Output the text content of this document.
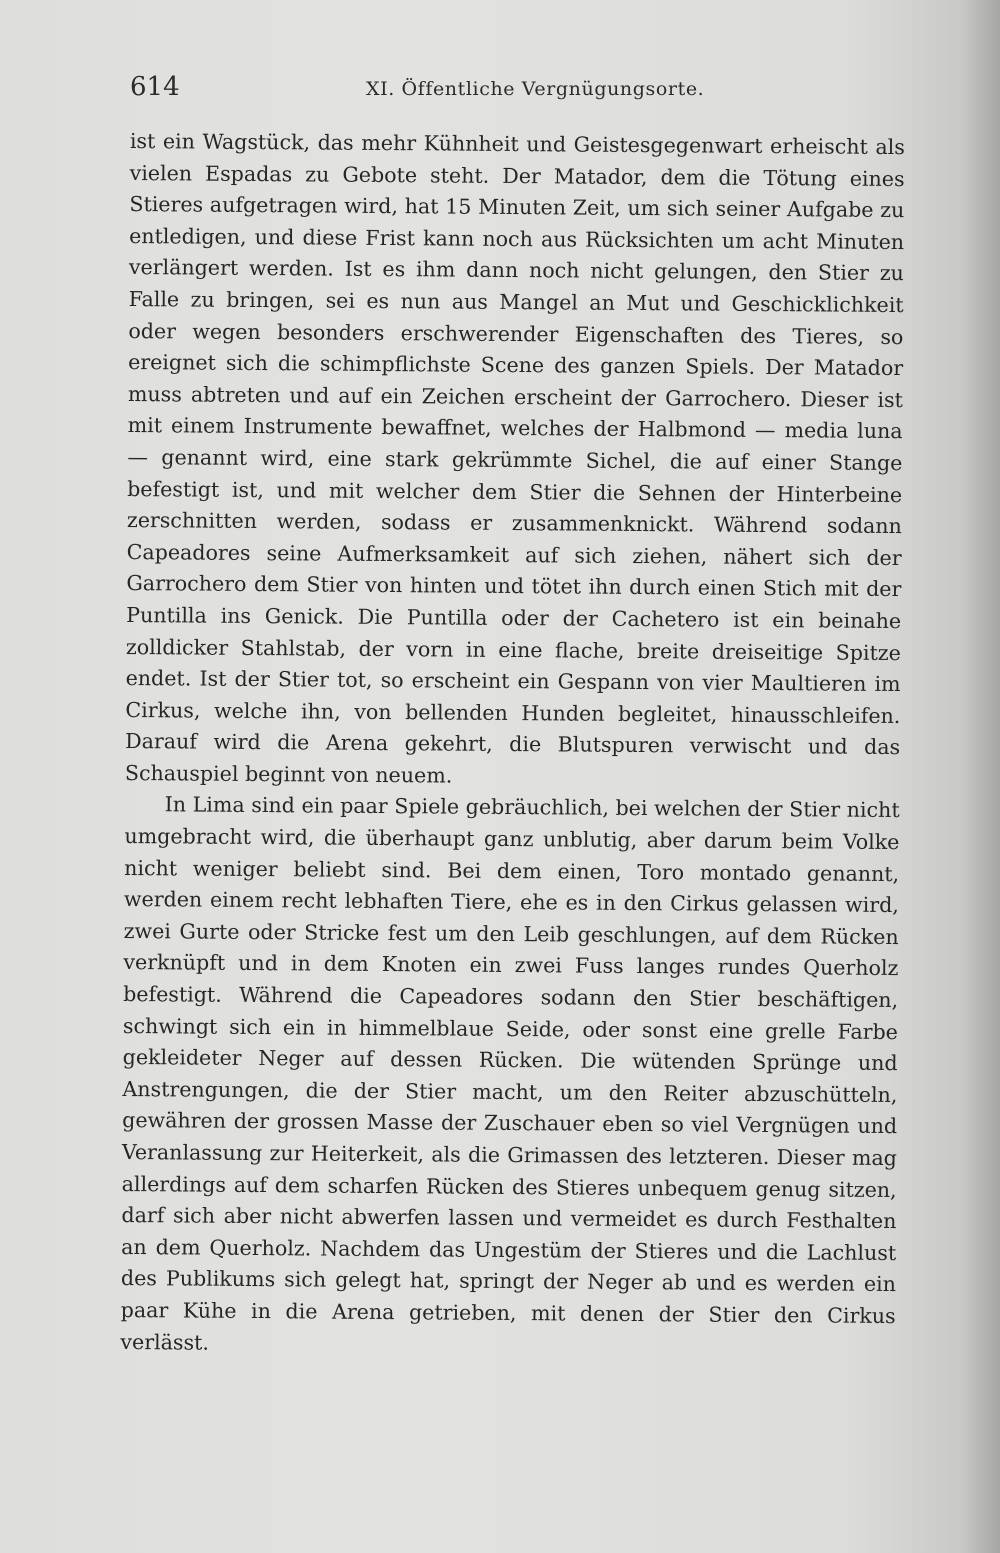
614	XI. Öffentliche Vergnügungsorte.

ist ein Wagstück, das mehr Kühnheit und Geistesgegenwart erheischt als vielen Espadas zu Gebote steht. Der Matador, dem die Tötung eines Stieres aufgetragen wird, hat 15 Minuten Zeit, um sich seiner Aufgabe zu entledigen, und diese Frist kann noch aus Rücksichten um acht Minuten verlängert werden. Ist es ihm dann noch nicht gelungen, den Stier zu Falle zu bringen, sei es nun aus Mangel an Mut und Geschicklichkeit oder wegen besonders erschwerender Eigenschaften des Tieres, so ereignet sich die schimpflichste Scene des ganzen Spiels. Der Matador muss abtreten und auf ein Zeichen erscheint der Garrochero. Dieser ist mit einem Instrumente bewaffnet, welches der Halbmond — media luna — genannt wird, eine stark gekrümmte Sichel, die auf einer Stange befestigt ist, und mit welcher dem Stier die Sehnen der Hinterbeine zerschnitten werden, sodass er zusammenknickt. Während sodann Capeadores seine Aufmerksamkeit auf sich ziehen, nähert sich der Garrochero dem Stier von hinten und tötet ihn durch einen Stich mit der Puntilla ins Genick. Die Puntilla oder der Cachetero ist ein beinahe zolldicker Stahlstab, der vorn in eine flache, breite dreiseitige Spitze endet. Ist der Stier tot, so erscheint ein Gespann von vier Maultieren im Cirkus, welche ihn, von bellenden Hunden begleitet, hinausschleifen. Darauf wird die Arena gekehrt, die Blutspuren verwischt und das Schauspiel beginnt von neuem.

In Lima sind ein paar Spiele gebräuchlich, bei welchen der Stier nicht umgebracht wird, die überhaupt ganz unblutig, aber darum beim Volke nicht weniger beliebt sind. Bei dem einen, Toro montado genannt, werden einem recht lebhaften Tiere, ehe es in den Cirkus gelassen wird, zwei Gurte oder Stricke fest um den Leib geschlungen, auf dem Rücken verknüpft und in dem Knoten ein zwei Fuss langes rundes Querholz befestigt. Während die Capeadores sodann den Stier beschäftigen, schwingt sich ein in himmelblaue Seide, oder sonst eine grelle Farbe gekleideter Neger auf dessen Rücken. Die wütenden Sprünge und Anstrengungen, die der Stier macht, um den Reiter abzuschütteln, gewähren der grossen Masse der Zuschauer eben so viel Vergnügen und Veranlassung zur Heiterkeit, als die Grimassen des letzteren. Dieser mag allerdings auf dem scharfen Rücken des Stieres unbequem genug sitzen, darf sich aber nicht abwerfen lassen und vermeidet es durch Festhalten an dem Querholz. Nachdem das Ungestüm der Stieres und die Lachlust des Publikums sich gelegt hat, springt der Neger ab und es werden ein paar Kühe in die Arena getrieben, mit denen der Stier den Cirkus verlässt.
